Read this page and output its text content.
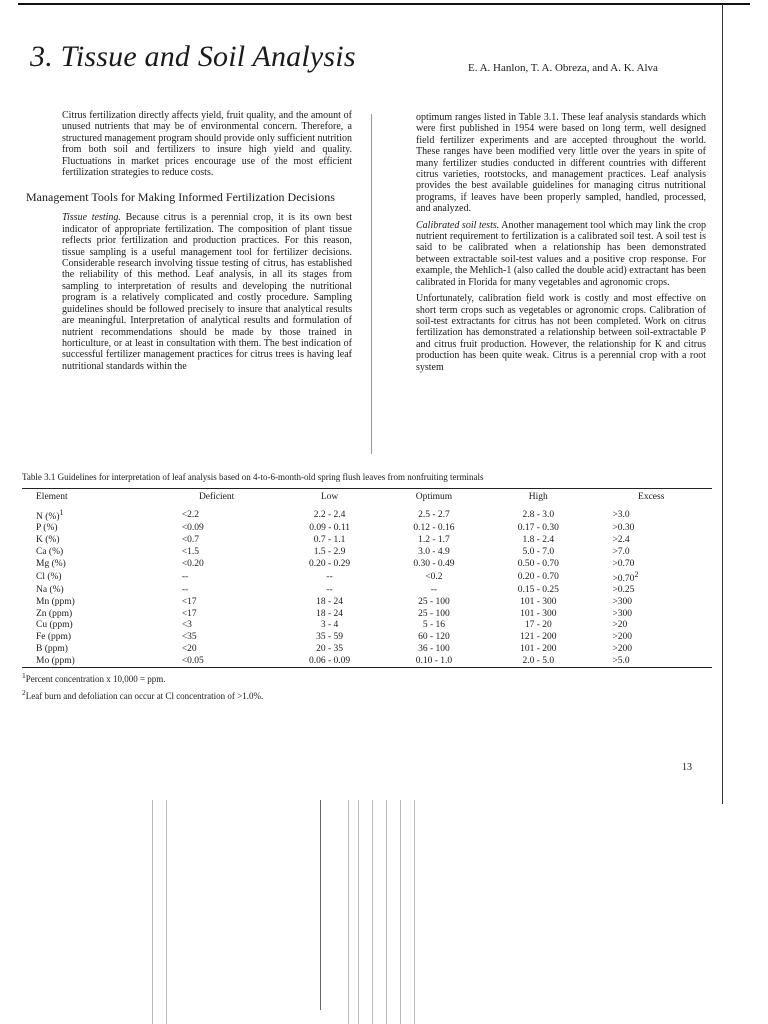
3. Tissue and Soil Analysis	E. A. Hanlon, T. A. Obreza, and A. K. Alva

Citrus fertilization directly affects yield, fruit quality, and the amount of unused nutrients that may be of environmental concern. Therefore, a structured management program should provide only sufficient nutrition from both soil and fertilizers to insure high yield and quality. Fluctuations in market prices encourage use of the most efficient fertilization strategies to reduce costs.

Management Tools for Making Informed Fertilization Decisions

Tissue testing. Because citrus is a perennial crop, it is its own best indicator of appropriate fertilization. The composition of plant tissue reflects prior fertilization and production practices. For this reason, tissue sampling is a useful management tool for fertilizer decisions. Considerable research involving tissue testing of citrus, has established the reliability of this method. Leaf analysis, in all its stages from sampling to interpretation of results and developing the nutritional program is a relatively complicated and costly procedure. Sampling guidelines should be followed precisely to insure that analytical results are meaningful. Interpretation of analytical results and formulation of nutrient recommendations should be made by those trained in horticulture, or at least in consultation with them. The best indication of successful fertilizer management practices for citrus trees is having leaf nutritional standards within the

optimum ranges listed in Table 3.1. These leaf analysis standards which were first published in 1954 were based on long term, well designed field fertilizer experiments and are accepted throughout the world. These ranges have been modified very little over the years in spite of many fertilizer studies conducted in different countries with different citrus varieties, rootstocks, and management practices. Leaf analysis provides the best available guidelines for managing citrus nutritional programs, if leaves have been properly sampled, handled, processed, and analyzed.

Calibrated soil tests. Another management tool which may link the crop nutrient requirement to fertilization is a calibrated soil test. A soil test is said to be calibrated when a relationship has been demonstrated between extractable soil-test values and a positive crop response. For example, the Mehlich-1 (also called the double acid) extractant has been calibrated in Florida for many vegetables and agronomic crops.

Unfortunately, calibration field work is costly and most effective on short term crops such as vegetables or agronomic crops. Calibration of soil-test extractants for citrus has not been completed. Work on citrus fertilization has demonstrated a relationship between soil-extractable P and citrus fruit production. However, the relationship for K and citrus production has been quite weak. Citrus is a perennial crop with a root system

Table 3.1 Guidelines for interpretation of leaf analysis based on 4-to-6-month-old spring flush leaves from nonfruiting terminals
Element	Deficient	Low	Optimum	High	Excess
N (%)$^1$	<2.2	2.2 - 2.4	2.5 - 2.7	2.8 - 3.0	>3.0
P (%)	<0.09	0.09 - 0.11	0.12 - 0.16	0.17 - 0.30	>0.30
K (%)	<0.7	0.7 - 1.1	1.2 - 1.7	1.8 - 2.4	>2.4
Ca (%)	<1.5	1.5 - 2.9	3.0 - 4.9	5.0 - 7.0	>7.0
Mg (%)	<0.20	0.20 - 0.29	0.30 - 0.49	0.50 - 0.70	>0.70
Cl (%)	--	--	<0.2	0.20 - 0.70	$>0.70^2$
Na (%)	--	--	--	0.15 - 0.25	>0.25
Mn (ppm)	<17	18 - 24	25 - 100	101 - 300	>300
Zn (ppm)	<17	18 - 24	25 - 100	101 - 300	>300
Cu (ppm)	<3	3 - 4	5 - 16	17 - 20	>20
Fe (ppm)	<35	35 - 59	60 - 120	121 - 200	>200
B (ppm)	<20	20 - 35	36 - 100	101 - 200	>200
Mo (ppm)	<0.05	0.06 - 0.09	0.10 - 1.0	2.0 - 5.0	>5.0
$^1$Percent concentration x 10,000 = ppm.
$^2$Leaf burn and defoliation can occur at Cl concentration of >1.0%.
13
